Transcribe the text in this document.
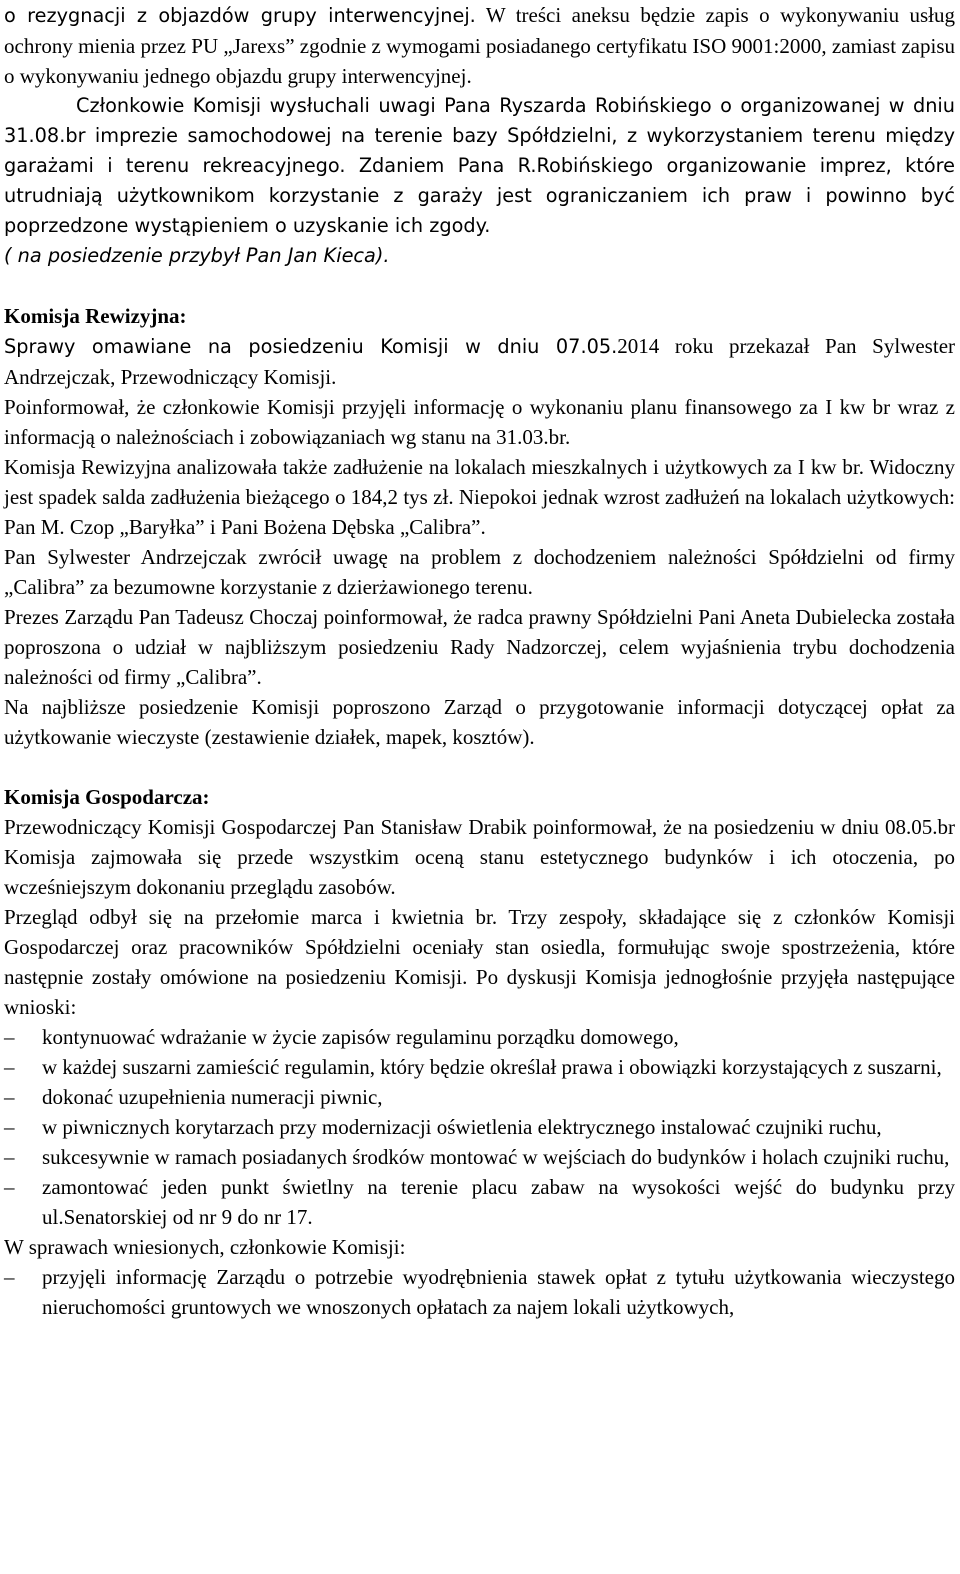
o rezygnacji z objazdów grupy interwencyjnej. W treści aneksu będzie zapis o wykonywaniu usług ochrony mienia przez PU „Jarexs” zgodnie z wymogami posiadanego certyfikatu ISO 9001:2000, zamiast zapisu o wykonywaniu jednego objazdu grupy interwencyjnej.

Członkowie Komisji wysłuchali uwagi Pana Ryszarda Robińskiego o organizowanej w dniu 31.08.br imprezie samochodowej na terenie bazy Spółdzielni, z wykorzystaniem terenu między garażami i terenu rekreacyjnego. Zdaniem Pana R.Robińskiego organizowanie imprez, które utrudniają użytkownikom korzystanie z garaży jest ograniczaniem ich praw i powinno być poprzedzone wystąpieniem o uzyskanie ich zgody.

( na posiedzenie przybył Pan Jan Kieca).

Komisja Rewizyjna:

Sprawy omawiane na posiedzeniu Komisji w dniu 07.05.2014 roku przekazał Pan Sylwester Andrzejczak, Przewodniczący Komisji.

Poinformował, że członkowie Komisji przyjęli informację o wykonaniu planu finansowego za I kw br wraz z informacją o należnościach i zobowiązaniach wg stanu na 31.03.br.

Komisja Rewizyjna analizowała także zadłużenie na lokalach mieszkalnych i użytkowych za I kw br. Widoczny jest spadek salda zadłużenia bieżącego o 184,2 tys zł. Niepokoi jednak wzrost zadłużeń na lokalach użytkowych: Pan M. Czop „Baryłka” i Pani Bożena Dębska „Calibra”.

Pan Sylwester Andrzejczak zwrócił uwagę na problem z dochodzeniem należności Spółdzielni od firmy „Calibra” za bezumowne korzystanie z dzierżawionego terenu.

Prezes Zarządu Pan Tadeusz Choczaj poinformował, że radca prawny Spółdzielni Pani Aneta Dubielecka została poproszona o udział w najbliższym posiedzeniu Rady Nadzorczej, celem wyjaśnienia trybu dochodzenia należności od firmy „Calibra”.

Na najbliższe posiedzenie Komisji poproszono Zarząd o przygotowanie informacji dotyczącej opłat za użytkowanie wieczyste (zestawienie działek, mapek, kosztów).

Komisja Gospodarcza:

Przewodniczący Komisji Gospodarczej Pan Stanisław Drabik poinformował, że na posiedzeniu w dniu 08.05.br Komisja zajmowała się przede wszystkim oceną stanu estetycznego budynków i ich otoczenia, po wcześniejszym dokonaniu przeglądu zasobów.

Przegląd odbył się na przełomie marca i kwietnia br. Trzy zespoły, składające się z członków Komisji Gospodarczej oraz pracowników Spółdzielni oceniały stan osiedla, formułując swoje spostrzeżenia, które następnie zostały omówione na posiedzeniu Komisji. Po dyskusji Komisja jednogłośnie przyjęła następujące wnioski:

–	kontynuować wdrażanie w życie zapisów regulaminu porządku domowego,
–	w każdej suszarni zamieścić regulamin, który będzie określał prawa i obowiązki korzystających z suszarni,
–	dokonać uzupełnienia numeracji piwnic,
–	w piwnicznych korytarzach przy modernizacji oświetlenia elektrycznego instalować czujniki ruchu,
–	sukcesywnie w ramach posiadanych środków montować w wejściach do budynków i holach czujniki ruchu,
–	zamontować jeden punkt świetlny na terenie placu zabaw na wysokości wejść do budynku przy ul.Senatorskiej od nr 9 do nr 17.

W sprawach wniesionych, członkowie Komisji:

–	przyjęli informację Zarządu o potrzebie wyodrębnienia stawek opłat z tytułu użytkowania wieczystego nieruchomości gruntowych we wnoszonych opłatach za najem lokali użytkowych,
